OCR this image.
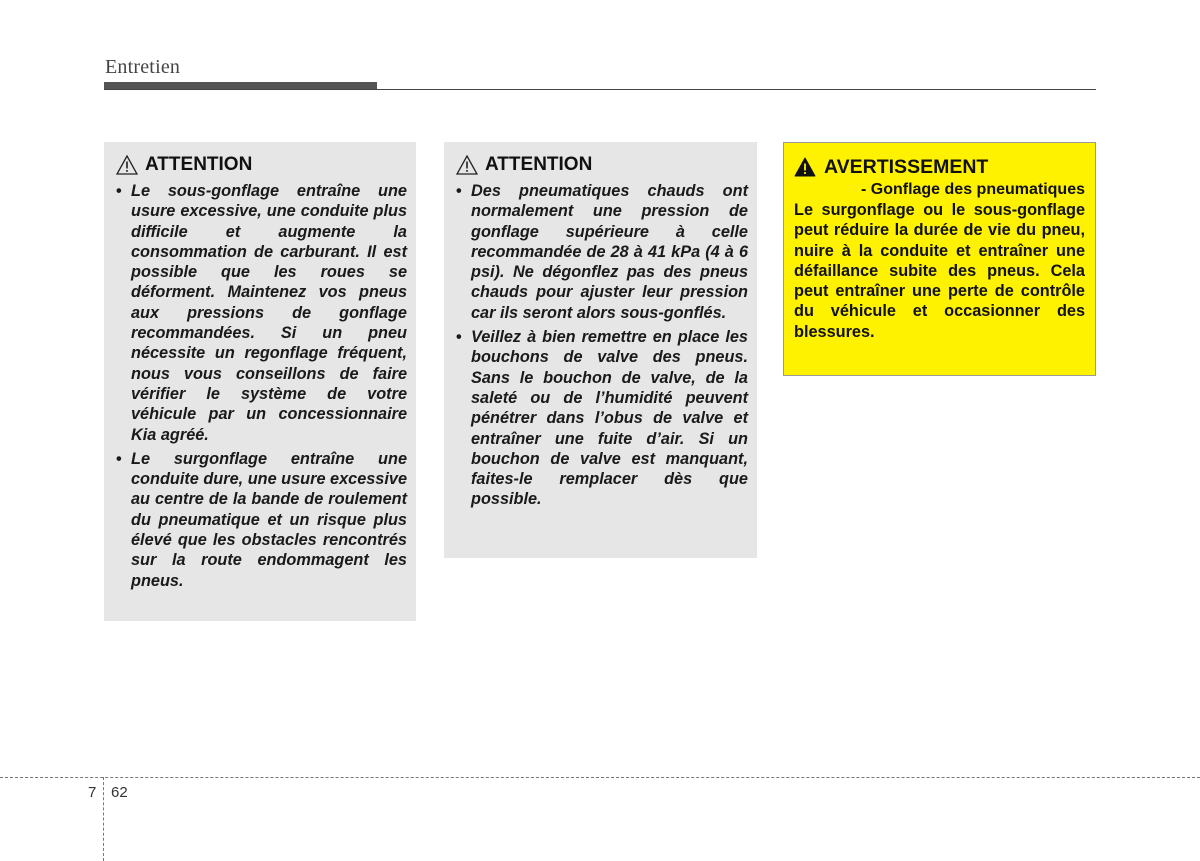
Entretien
ATTENTION
• Le sous-gonflage entraîne une usure excessive, une conduite plus difficile et augmente la consommation de carburant. Il est possible que les roues se déforment. Maintenez vos pneus aux pressions de gonflage recommandées. Si un pneu nécessite un regonflage fréquent, nous vous conseillons de faire vérifier le système de votre véhicule par un concessionnaire Kia agréé.
• Le surgonflage entraîne une conduite dure, une usure excessive au centre de la bande de roulement du pneumatique et un risque plus élevé que les obstacles rencontrés sur la route endommagent les pneus.
ATTENTION
• Des pneumatiques chauds ont normalement une pression de gonflage supérieure à celle recommandée de 28 à 41 kPa (4 à 6 psi). Ne dégonflez pas des pneus chauds pour ajuster leur pression car ils seront alors sous-gonflés.
• Veillez à bien remettre en place les bouchons de valve des pneus. Sans le bouchon de valve, de la saleté ou de l’humidité peuvent pénétrer dans l’obus de valve et entraîner une fuite d’air. Si un bouchon de valve est manquant, faites-le remplacer dès que possible.
AVERTISSEMENT
- Gonflage des pneumatiques
Le surgonflage ou le sous-gonflage peut réduire la durée de vie du pneu, nuire à la conduite et entraîner une défaillance subite des pneus. Cela peut entraîner une perte de contrôle du véhicule et occasionner des blessures.
7 62
